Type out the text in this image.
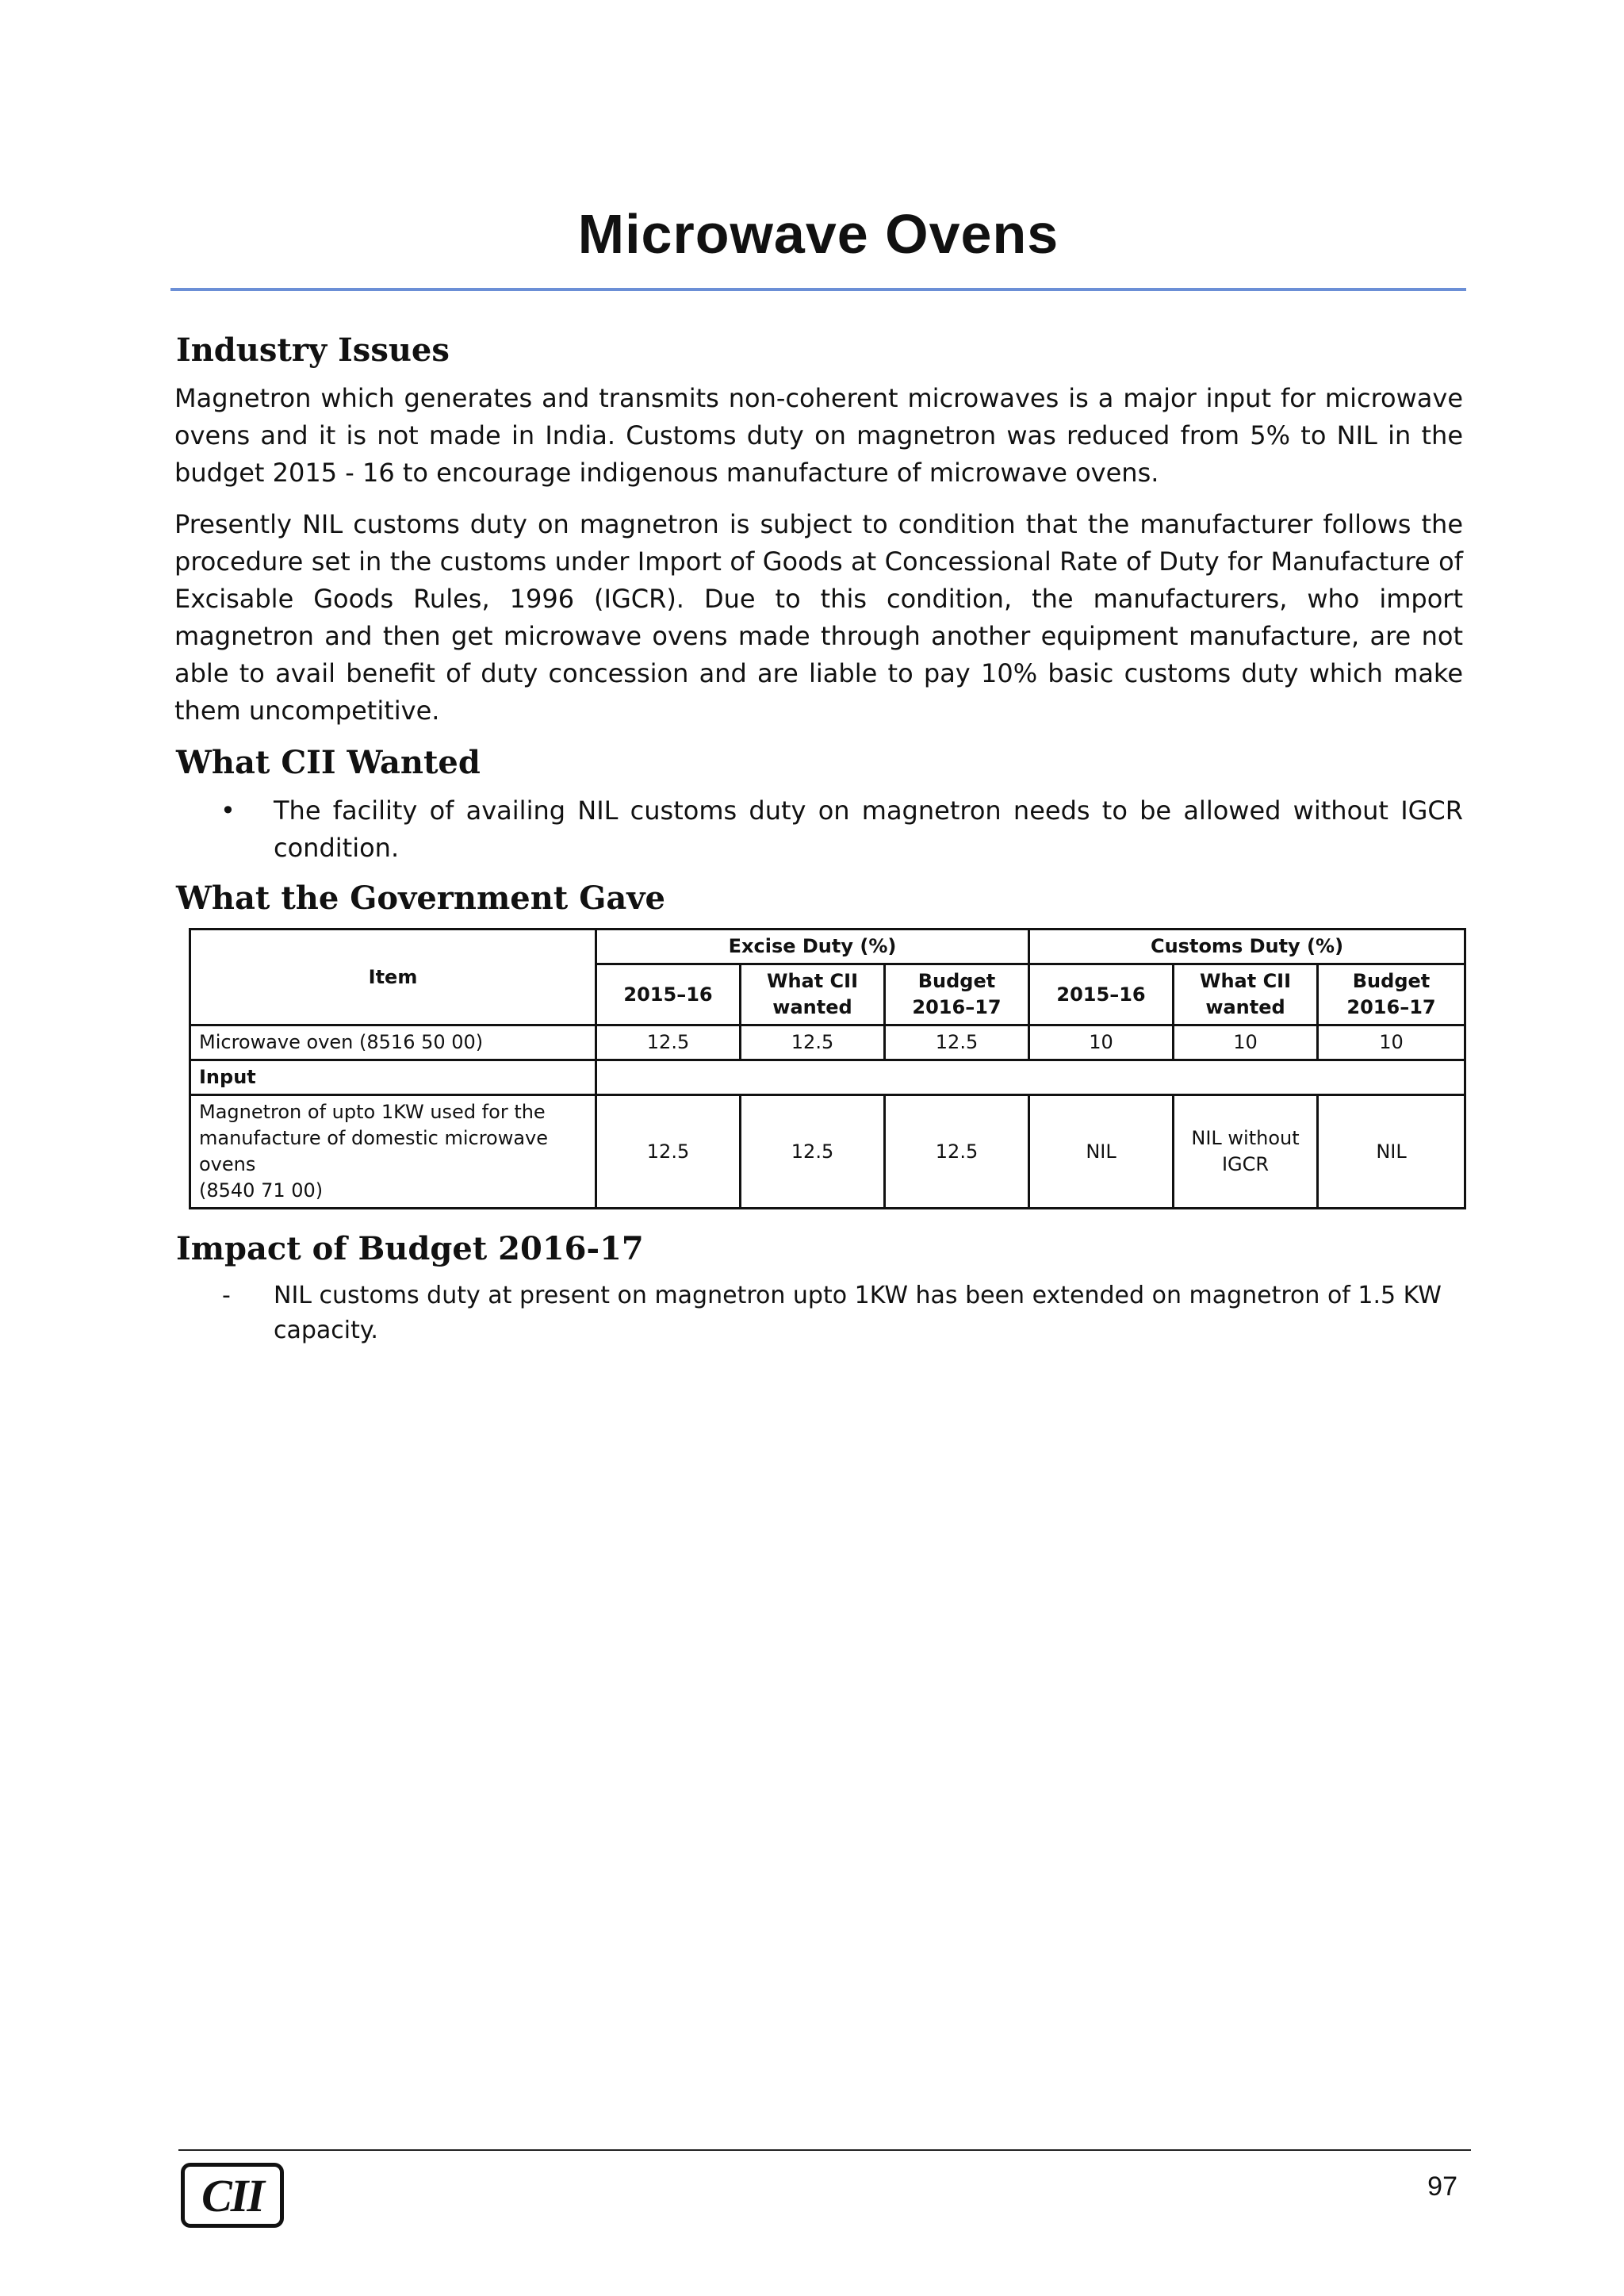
Microwave Ovens
Industry Issues

Magnetron which generates and transmits non-coherent microwaves is a major input for microwave ovens and it is not made in India. Customs duty on magnetron was reduced from 5% to NIL in the budget 2015 - 16 to encourage indigenous manufacture of microwave ovens.

Presently NIL customs duty on magnetron is subject to condition that the manufacturer follows the procedure set in the customs under Import of Goods at Concessional Rate of Duty for Manufacture of Excisable Goods Rules, 1996 (IGCR). Due to this condition, the manufacturers, who import magnetron and then get microwave ovens made through another equipment manufacture, are not able to avail benefit of duty concession and are liable to pay 10% basic customs duty which make them uncompetitive.

What CII Wanted
• The facility of availing NIL customs duty on magnetron needs to be allowed without IGCR condition.
What the Government Gave
Item	Excise Duty (%)			Customs Duty (%)		
	2015–16	What CII wanted	Budget 2016–17	2015–16	What CII wanted	Budget 2016–17
Microwave oven (8516 50 00)	12.5	12.5	12.5	10	10	10
Input						
Magnetron of upto 1KW used for the manufacture of domestic microwave ovens
(8540 71 00)	12.5	12.5	12.5	NIL	NIL without IGCR	NIL
Impact of Budget 2016-17
- NIL customs duty at present on magnetron upto 1KW has been extended on magnetron of 1.5 KW capacity.
CII	97
